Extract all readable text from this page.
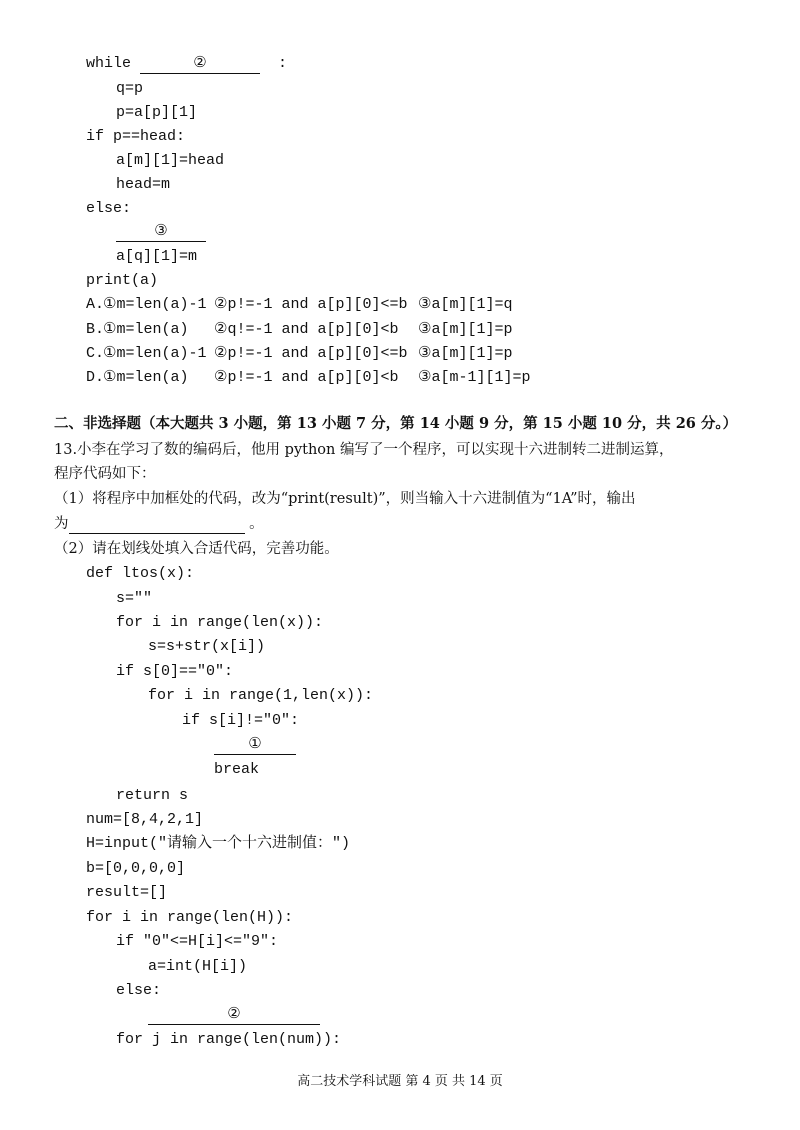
while	②	:
q=p
p=a[p][1]
if p==head:
a[m][1]=head
head=m
else:
③
a[q][1]=m
print(a)
A.
①m=len(a)-1 ②p!=-1 and a[p][0]<=b ③a[m][1]=q
B.
①m=len(a) ②q!=-1 and a[p][0]<b ③a[m][1]=p
C.
①m=len(a)-1 ②p!=-1 and a[p][0]<=b ③a[m][1]=p
D.
①m=len(a) ②p!=-1 and a[p][0]<b ③a[m-1][1]=p
二、非选择题（本大题共 3 小题，第 13 小题 7 分，第 14 小题 9 分，第 15 小题 10 分，共 26 分。）
13.小李在学习了数的编码后，他用 python 编写了一个程序，可以实现十六进制转二进制运算，
程序代码如下：
（1）将程序中加框处的代码，改为“print(result)”，则当输入十六进制值为“1A”时，输出
为	。
（2）请在划线处填入合适代码，完善功能。
def ltos(x):
s=""
for i in range(len(x)):
s=s+str(x[i])
if s[0]=="0":
for i in range(1,len(x)):
if s[i]!="0":
①
break
return s
num=[8,4,2,1]
H=input("请输入一个十六进制值：")
b=[0,0,0,0]
result=[]
for i in range(len(H)):
if "0"<=H[i]<="9":
a=int(H[i])
else:
②
for j in range(len(num)):
高二技术学科试题 第 4 页 共 14 页
